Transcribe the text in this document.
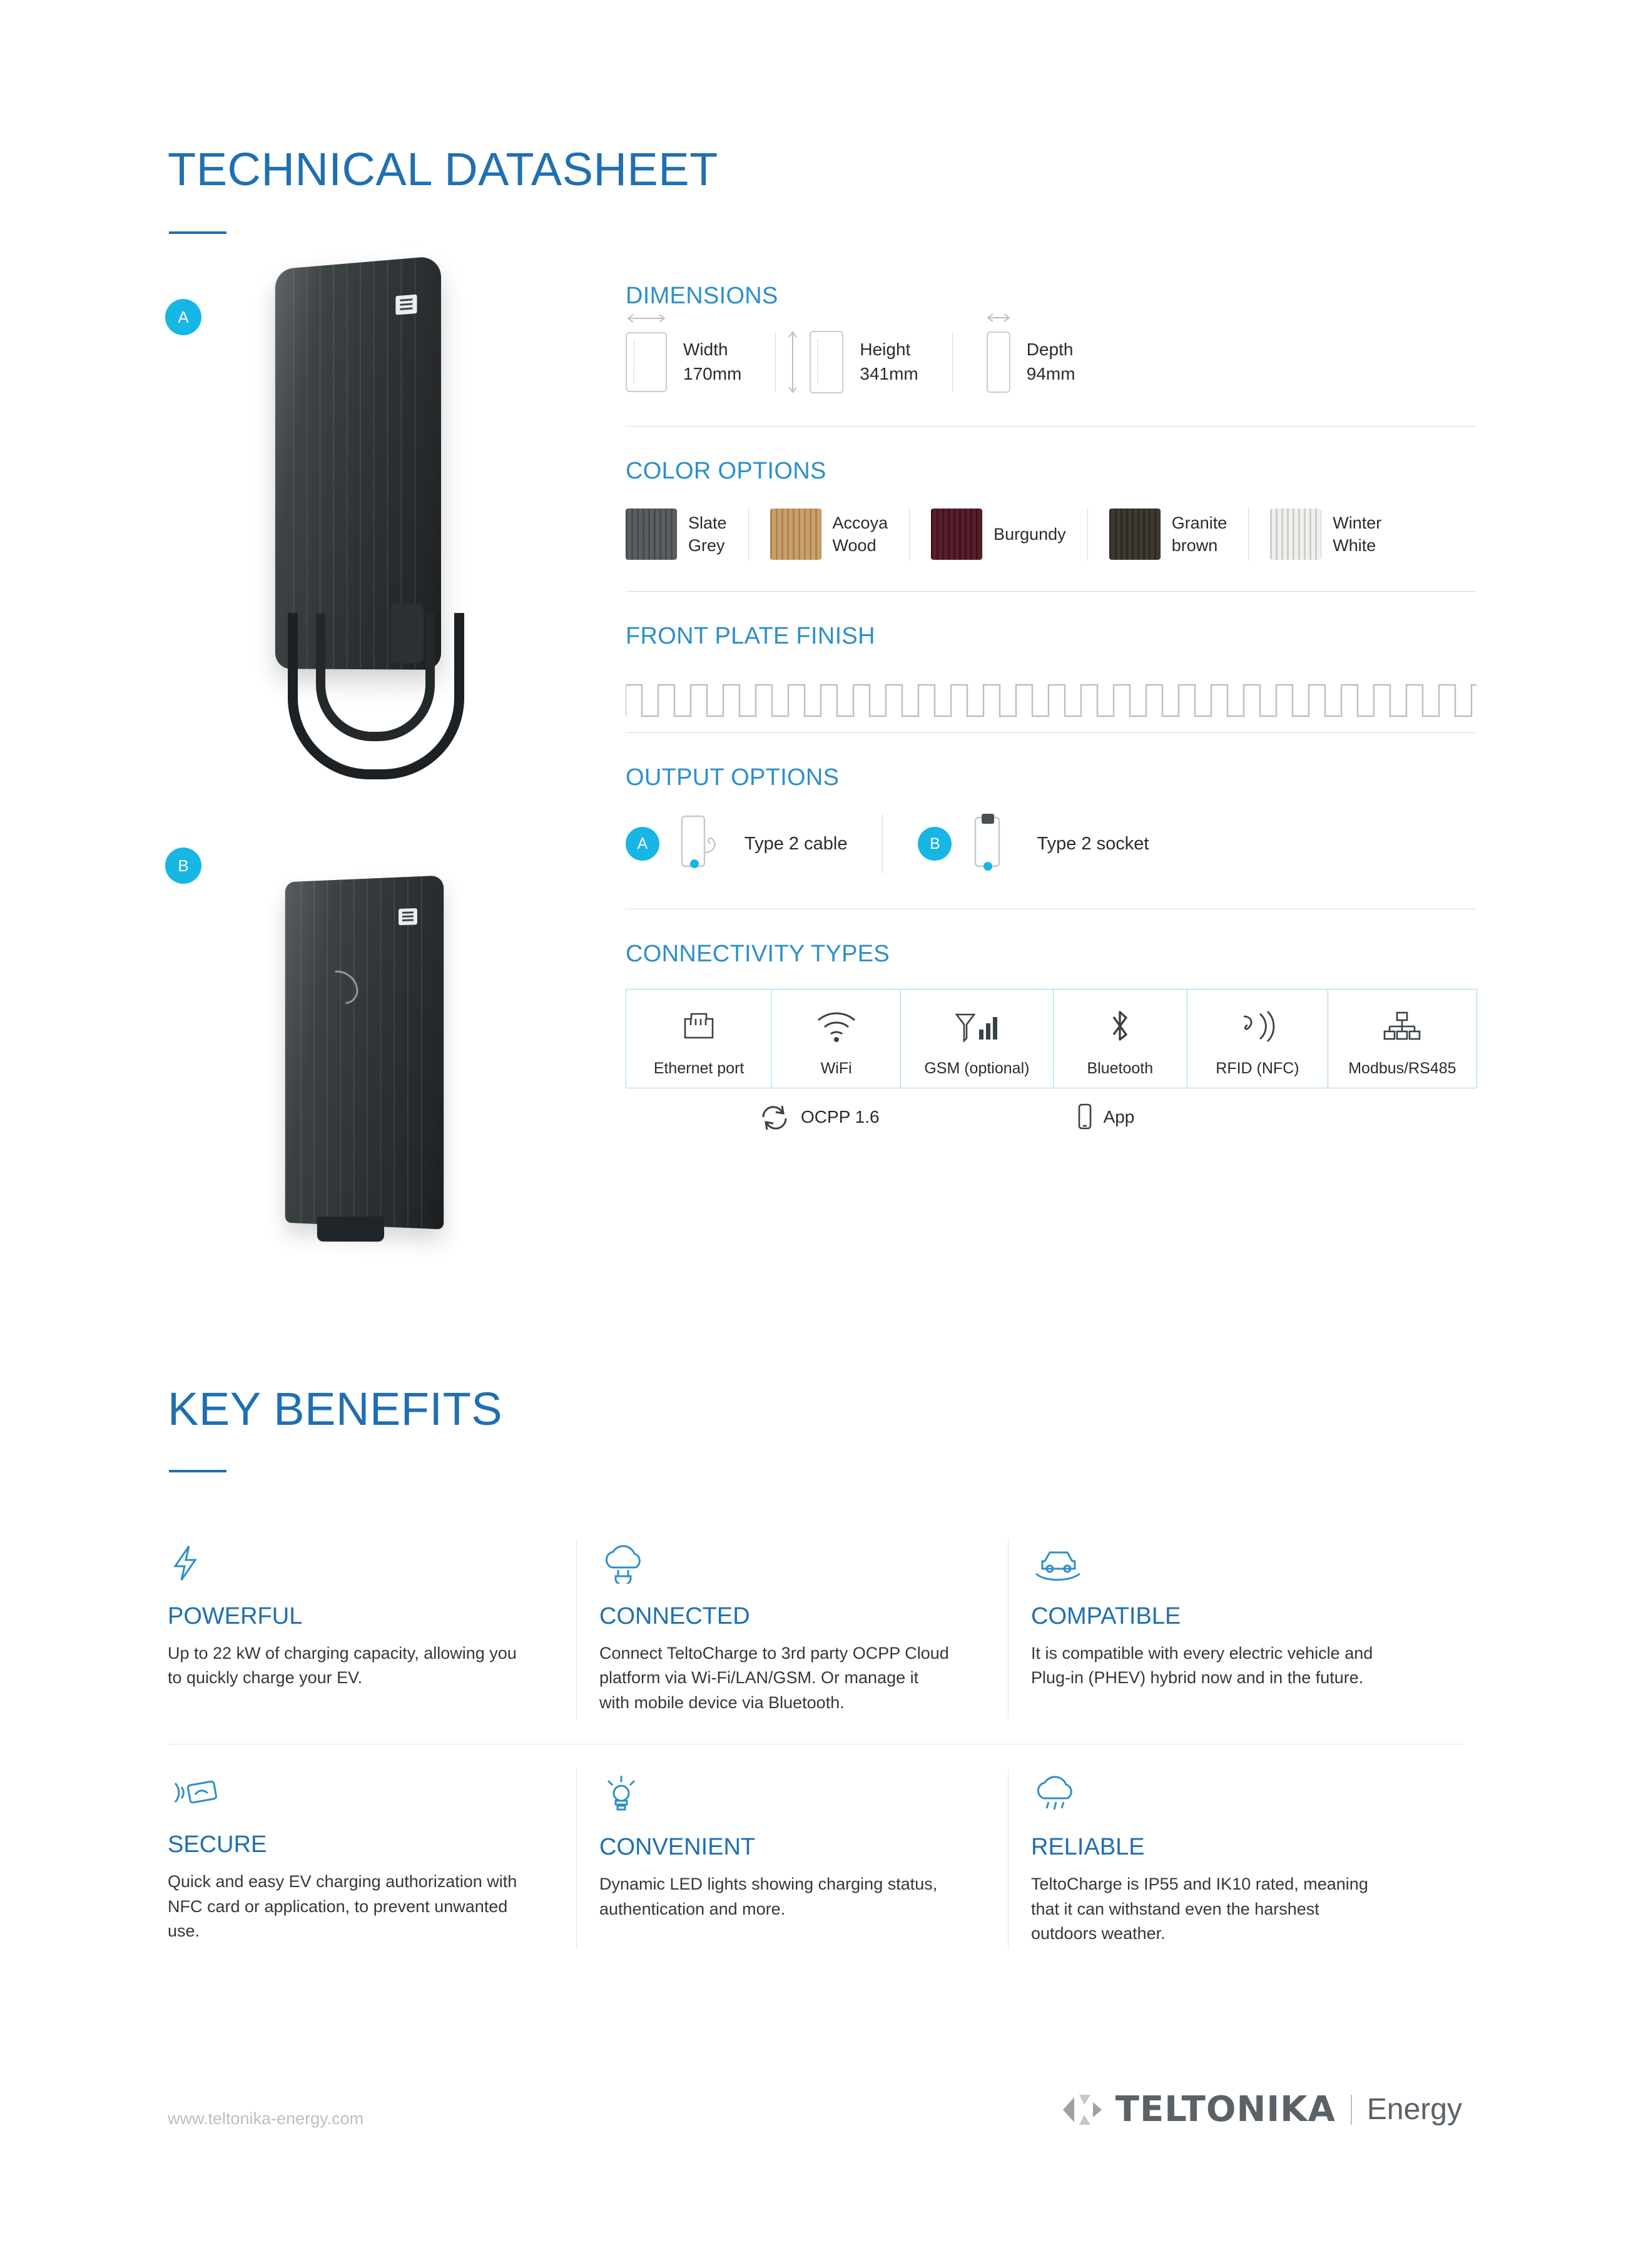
TECHNICAL DATASHEET
A
B
DIMENSIONS
Width
170mm
Height
341mm
Depth
94mm
COLOR OPTIONS
Slate
Grey
Accoya
Wood
Burgundy
Granite
brown
Winter
White
FRONT PLATE FINISH
OUTPUT OPTIONS
A	Type 2 cable	B	Type 2 socket
CONNECTIVITY TYPES
Ethernet port	WiFi	GSM (optional)	Bluetooth	RFID (NFC)	Modbus/RS485
OCPP 1.6	App
KEY BENEFITS
POWERFUL
Up to 22 kW of charging capacity, allowing you to quickly charge your EV.
CONNECTED
Connect TeltoCharge to 3rd party OCPP Cloud platform via Wi-Fi/LAN/GSM. Or manage it with mobile device via Bluetooth.
COMPATIBLE
It is compatible with every electric vehicle and Plug-in (PHEV) hybrid now and in the future.
SECURE
Quick and easy EV charging authorization with NFC card or application, to prevent unwanted use.
CONVENIENT
Dynamic LED lights showing charging status, authentication and more.
RELIABLE
TeltoCharge is IP55 and IK10 rated, meaning that it can withstand even the harshest outdoors weather.
www.teltonika-energy.com	TELTONIKA Energy
